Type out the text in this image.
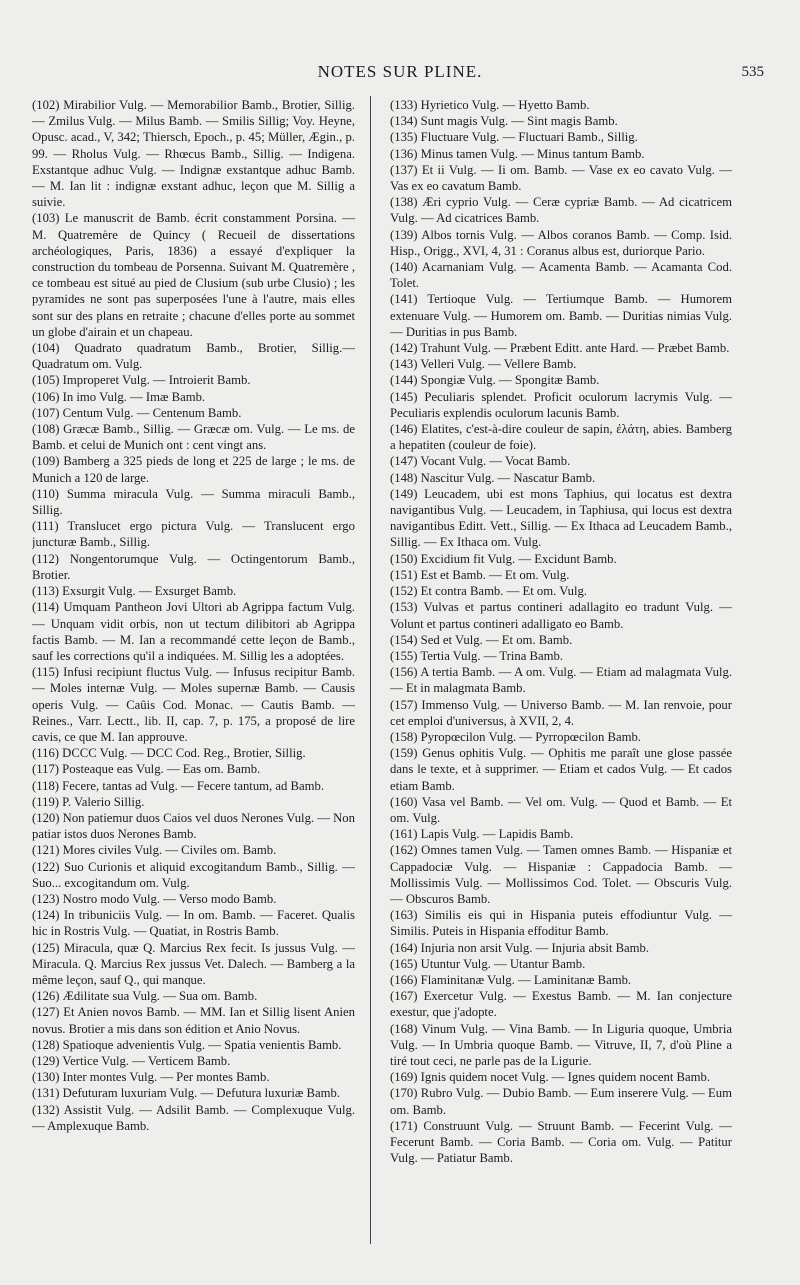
NOTES SUR PLINE.	535

(102) Mirabilior Vulg. — Memorabilior Bamb., Brotier, Sillig. — Zmilus Vulg. — Milus Bamb. — Smilis Sillig; Voy. Heyne, Opusc. acad., V, 342; Thiersch, Epoch., p. 45; Müller, Ægin., p. 99. — Rholus Vulg. — Rhœcus Bamb., Sillig. — Indigena. Exstantque adhuc Vulg. — Indignæ exstantque adhuc Bamb. — M. Ian lit : indignæ exstant adhuc, leçon que M. Sillig a suivie.

(103) Le manuscrit de Bamb. écrit constamment Porsina. — M. Quatremère de Quincy ( Recueil de dissertations archéologiques, Paris, 1836) a essayé d'expliquer la construction du tombeau de Porsenna. Suivant M. Quatremère , ce tombeau est situé au pied de Clusium (sub urbe Clusio) ; les pyramides ne sont pas superposées l'une à l'autre, mais elles sont sur des plans en retraite ; chacune d'elles porte au sommet un globe d'airain et un chapeau.

(104) Quadrato quadratum Bamb., Brotier, Sillig.— Quadratum om. Vulg.

(105) Improperet Vulg. — Introierit Bamb.

(106) In imo Vulg. — Imæ Bamb.

(107) Centum Vulg. — Centenum Bamb.

(108) Græcæ Bamb., Sillig. — Græcæ om. Vulg. — Le ms. de Bamb. et celui de Munich ont : cent vingt ans.

(109) Bamberg a 325 pieds de long et 225 de large ; le ms. de Munich a 120 de large.

(110) Summa miracula Vulg. — Summa miraculi Bamb., Sillig.

(111) Translucet ergo pictura Vulg. — Translucent ergo juncturæ Bamb., Sillig.

(112) Nongentorumque Vulg. — Octingentorum Bamb., Brotier.

(113) Exsurgit Vulg. — Exsurget Bamb.

(114) Umquam Pantheon Jovi Ultori ab Agrippa factum Vulg. — Unquam vidit orbis, non ut tectum dilibitori ab Agrippa factis Bamb. — M. Ian a recommandé cette leçon de Bamb., sauf les corrections qu'il a indiquées. M. Sillig les a adoptées.

(115) Infusi recipiunt fluctus Vulg. — Infusus recipitur Bamb. — Moles internæ Vulg. — Moles supernæ Bamb. — Causis operis Vulg. — Caûis Cod. Monac. — Cautis Bamb. — Reines., Varr. Lectt., lib. II, cap. 7, p. 175, a proposé de lire cavis, ce que M. Ian approuve.

(116) DCCC Vulg. — DCC Cod. Reg., Brotier, Sillig.

(117) Posteaque eas Vulg. — Eas om. Bamb.

(118) Fecere, tantas ad Vulg. — Fecere tantum, ad Bamb.

(119) P. Valerio Sillig.

(120) Non patiemur duos Caios vel duos Nerones Vulg. — Non patiar istos duos Nerones Bamb.

(121) Mores civiles Vulg. — Civiles om. Bamb.

(122) Suo Curionis et aliquid excogitandum Bamb., Sillig. — Suo... excogitandum om. Vulg.

(123) Nostro modo Vulg. — Verso modo Bamb.

(124) In tribuniciis Vulg. — In om. Bamb. — Faceret. Qualis hic in Rostris Vulg. — Quatiat, in Rostris Bamb.

(125) Miracula, quæ Q. Marcius Rex fecit. Is jussus Vulg. — Miracula. Q. Marcius Rex jussus Vet. Dalech. — Bamberg a la même leçon, sauf Q., qui manque.

(126) Ædilitate sua Vulg. — Sua om. Bamb.

(127) Et Anien novos Bamb. — MM. Ian et Sillig lisent Anien novus. Brotier a mis dans son édition et Anio Novus.

(128) Spatioque advenientis Vulg. — Spatia venientis Bamb.

(129) Vertice Vulg. — Verticem Bamb.

(130) Inter montes Vulg. — Per montes Bamb.

(131) Defuturam luxuriam Vulg. — Defutura luxuriæ Bamb.

(132) Assistit Vulg. — Adsilit Bamb. — Complexuque Vulg. — Amplexuque Bamb.

(133) Hyrietico Vulg. — Hyetto Bamb.

(134) Sunt magis Vulg. — Sint magis Bamb.

(135) Fluctuare Vulg. — Fluctuari Bamb., Sillig.

(136) Minus tamen Vulg. — Minus tantum Bamb.

(137) Et ii Vulg. — Ii om. Bamb. — Vase ex eo cavato Vulg. — Vas ex eo cavatum Bamb.

(138) Æri cyprio Vulg. — Ceræ cypriæ Bamb. — Ad cicatricem Vulg. — Ad cicatrices Bamb.

(139) Albos tornis Vulg. — Albos coranos Bamb. — Comp. Isid. Hisp., Origg., XVI, 4, 31 : Coranus albus est, duriorque Pario.

(140) Acarnaniam Vulg. — Acamenta Bamb. — Acamanta Cod. Tolet.

(141) Tertioque Vulg. — Tertiumque Bamb. — Humorem extenuare Vulg. — Humorem om. Bamb. — Duritias nimias Vulg. — Duritias in pus Bamb.

(142) Trahunt Vulg. — Præbent Editt. ante Hard. — Præbet Bamb.

(143) Velleri Vulg. — Vellere Bamb.

(144) Spongiæ Vulg. — Spongitæ Bamb.

(145) Peculiaris splendet. Proficit oculorum lacrymis Vulg. — Peculiaris explendis oculorum lacunis Bamb.

(146) Elatites, c'est-à-dire couleur de sapin, ἐλάτη, abies. Bamberg a hepatiten (couleur de foie).

(147) Vocant Vulg. — Vocat Bamb.

(148) Nascitur Vulg. — Nascatur Bamb.

(149) Leucadem, ubi est mons Taphius, qui locatus est dextra navigantibus Vulg. — Leucadem, in Taphiusa, qui locus est dextra navigantibus Editt. Vett., Sillig. — Ex Ithaca ad Leucadem Bamb., Sillig. — Ex Ithaca om. Vulg.

(150) Excidium fit Vulg. — Excidunt Bamb.

(151) Est et Bamb. — Et om. Vulg.

(152) Et contra Bamb. — Et om. Vulg.

(153) Vulvas et partus contineri adallagito eo tradunt Vulg. — Volunt et partus contineri adalligato eo Bamb.

(154) Sed et Vulg. — Et om. Bamb.

(155) Tertia Vulg. — Trina Bamb.

(156) A tertia Bamb. — A om. Vulg. — Etiam ad malagmata Vulg. — Et in malagmata Bamb.

(157) Immenso Vulg. — Universo Bamb. — M. Ian renvoie, pour cet emploi d'universus, à XVII, 2, 4.

(158) Pyropœcilon Vulg. — Pyrropœcilon Bamb.

(159) Genus ophitis Vulg. — Ophitis me paraît une glose passée dans le texte, et à supprimer. — Etiam et cados Vulg. — Et cados etiam Bamb.

(160) Vasa vel Bamb. — Vel om. Vulg. — Quod et Bamb. — Et om. Vulg.

(161) Lapis Vulg. — Lapidis Bamb.

(162) Omnes tamen Vulg. — Tamen omnes Bamb. — Hispaniæ et Cappadociæ Vulg. — Hispaniæ : Cappadocia Bamb. — Mollissimis Vulg. — Mollissimos Cod. Tolet. — Obscuris Vulg. — Obscuros Bamb.

(163) Similis eis qui in Hispania puteis effodiuntur Vulg. — Similis. Puteis in Hispania effoditur Bamb.

(164) Injuria non arsit Vulg. — Injuria absit Bamb.

(165) Utuntur Vulg. — Utantur Bamb.

(166) Flaminitanæ Vulg. — Laminitanæ Bamb.

(167) Exercetur Vulg. — Exestus Bamb. — M. Ian conjecture exestur, que j'adopte.

(168) Vinum Vulg. — Vina Bamb. — In Liguria quoque, Umbria Vulg. — In Umbria quoque Bamb. — Vitruve, II, 7, d'où Pline a tiré tout ceci, ne parle pas de la Ligurie.

(169) Ignis quidem nocet Vulg. — Ignes quidem nocent Bamb.

(170) Rubro Vulg. — Dubio Bamb. — Eum inserere Vulg. — Eum om. Bamb.

(171) Construunt Vulg. — Struunt Bamb. — Fecerint Vulg. — Fecerunt Bamb. — Coria Bamb. — Coria om. Vulg. — Patitur Vulg. — Patiatur Bamb.
